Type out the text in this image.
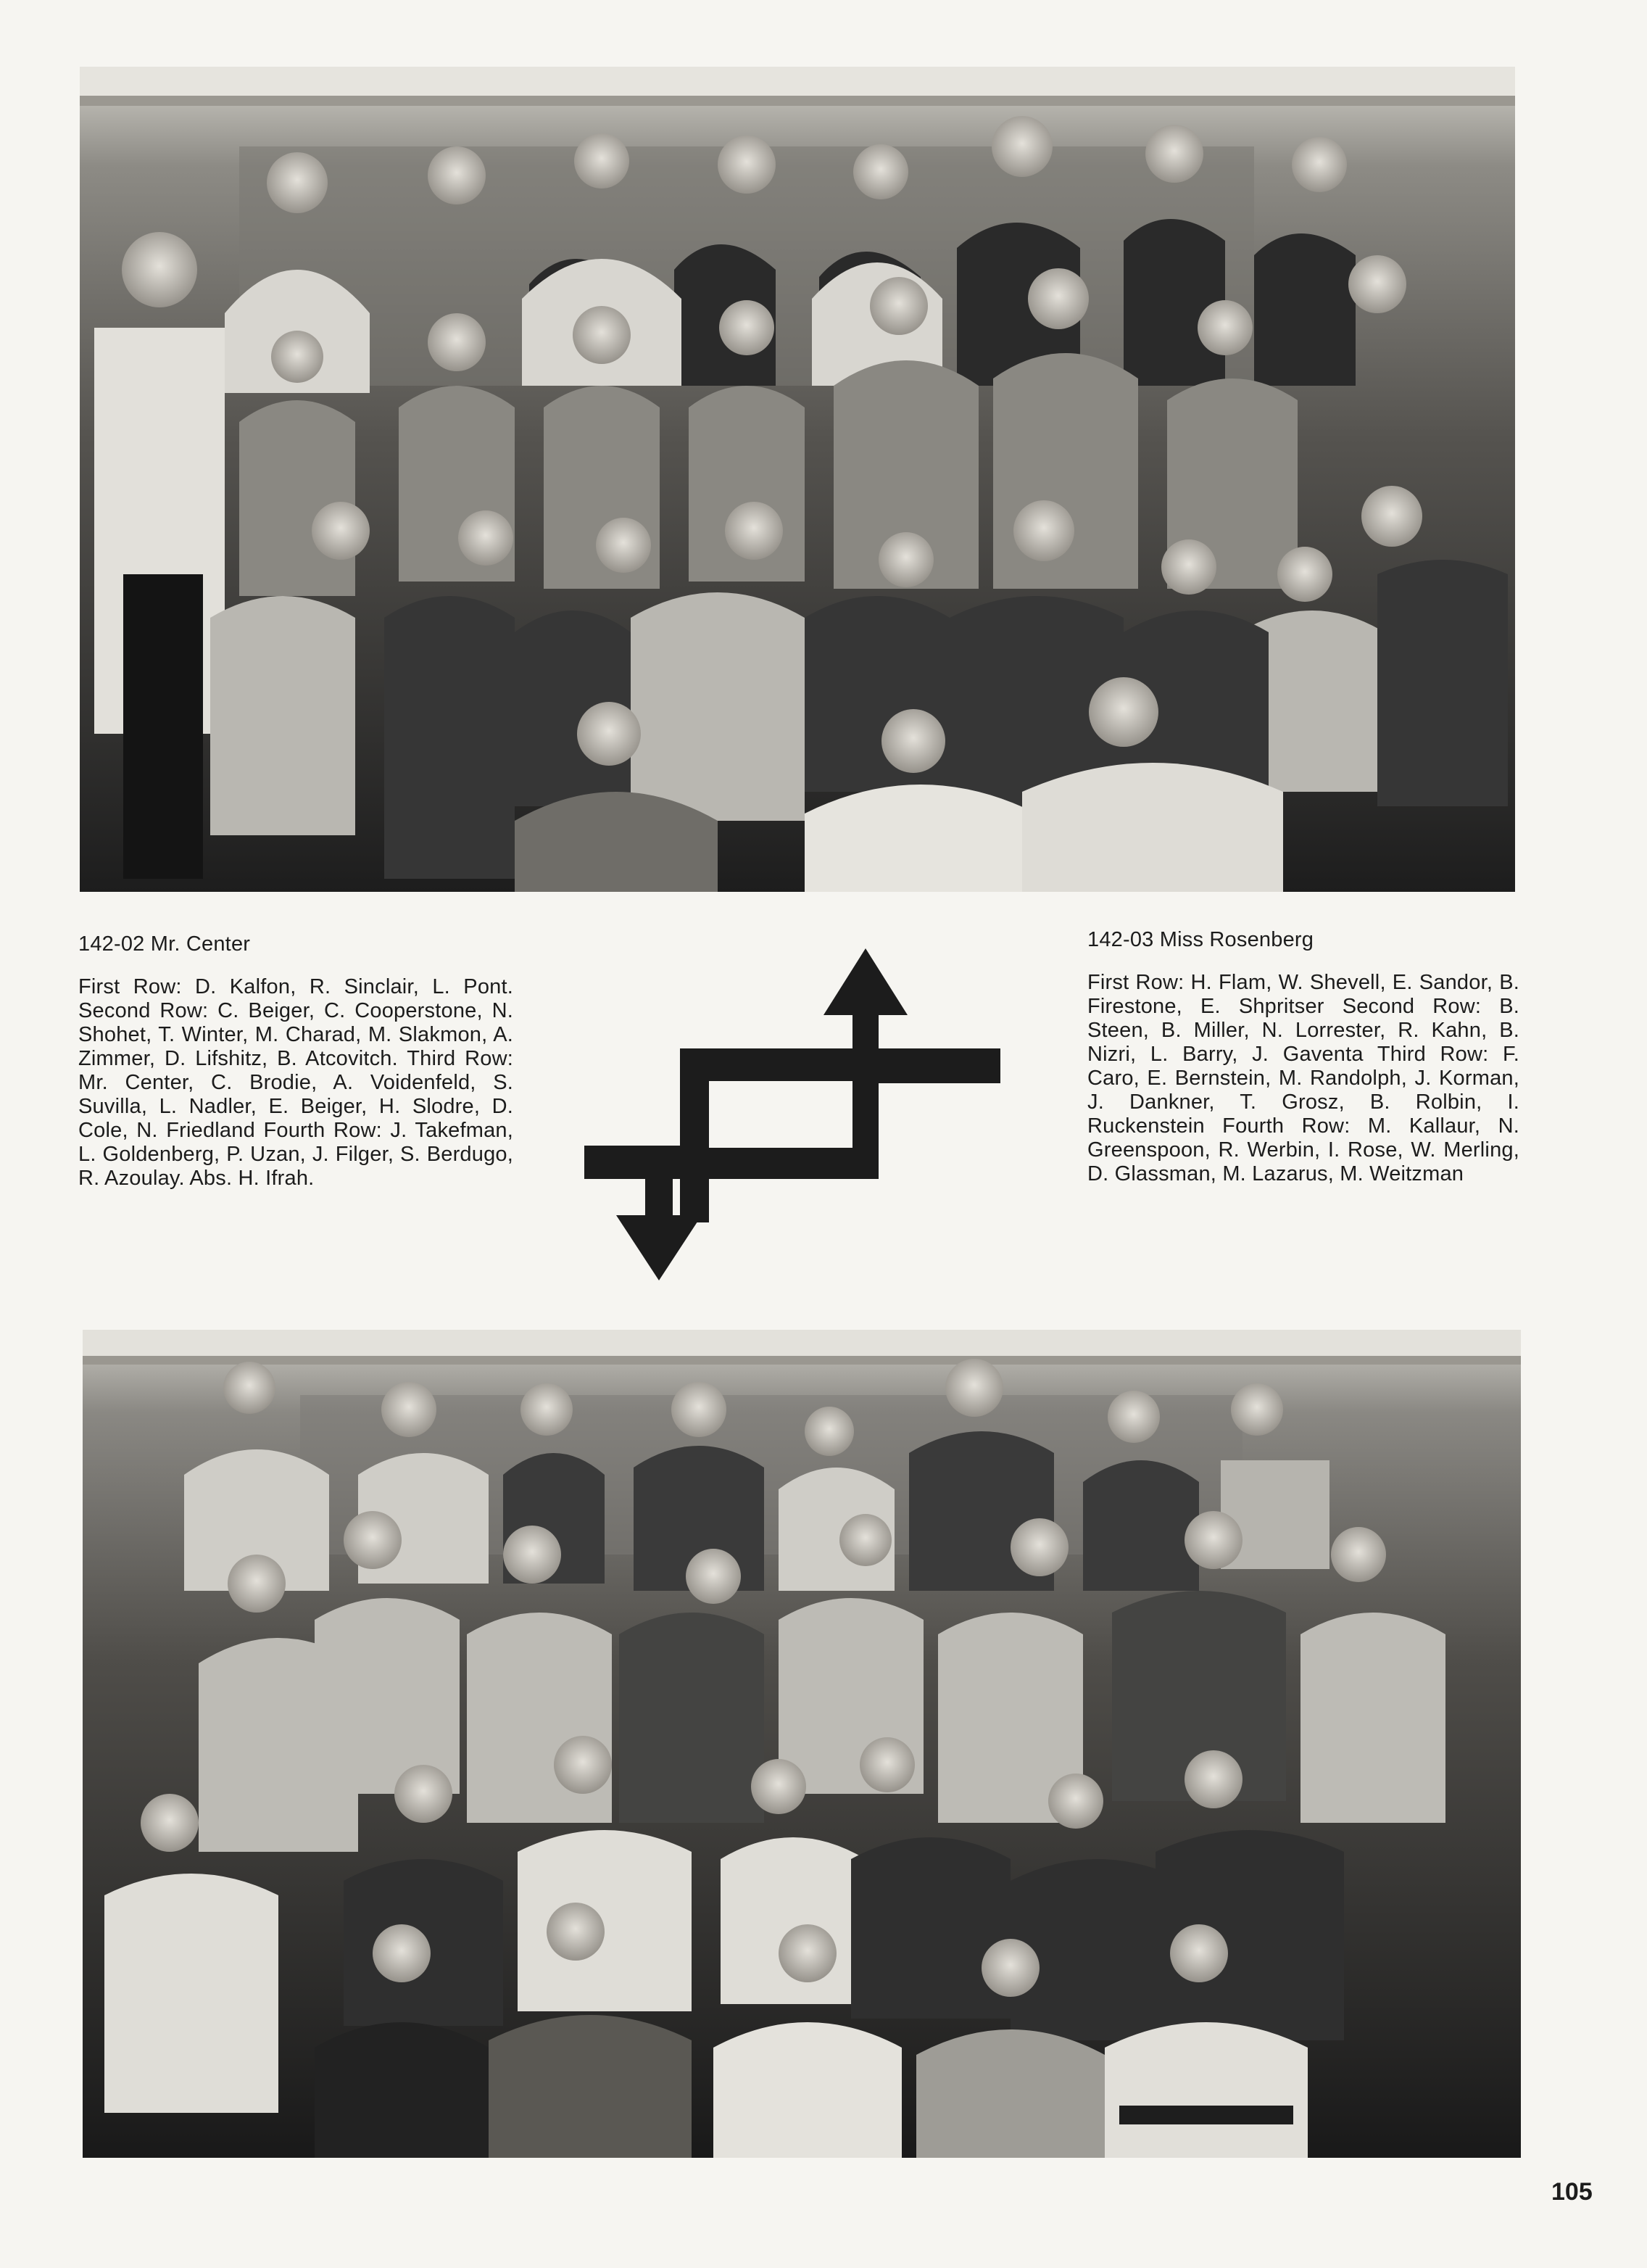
142-02 Mr. Center
First Row: D. Kalfon, R. Sinclair, L. Pont. Second Row: C. Beiger, C. Cooperstone, N. Shohet, T. Winter, M. Charad, M. Slakmon, A. Zimmer, D. Lifshitz, B. Atcovitch. Third Row: Mr. Center, C. Brodie, A. Voidenfeld, S. Suvilla, L. Nadler, E. Beiger, H. Slodre, D. Cole, N. Friedland Fourth Row: J. Takefman, L. Goldenberg, P. Uzan, J. Filger, S. Berdugo, R. Azoulay. Abs. H. Ifrah.
142-03 Miss Rosenberg
First Row: H. Flam, W. Shevell, E. Sandor, B. Firestone, E. Shpritser Second Row: B. Steen, B. Miller, N. Lorrester, R. Kahn, B. Nizri, L. Barry, J. Gaventa Third Row: F. Caro, E. Bernstein, M. Randolph, J. Korman, J. Dankner, T. Grosz, B. Rolbin, I. Ruckenstein Fourth Row: M. Kallaur, N. Greenspoon, R. Werbin, I. Rose, W. Merling, D. Glassman, M. Lazarus, M. Weitzman
105
